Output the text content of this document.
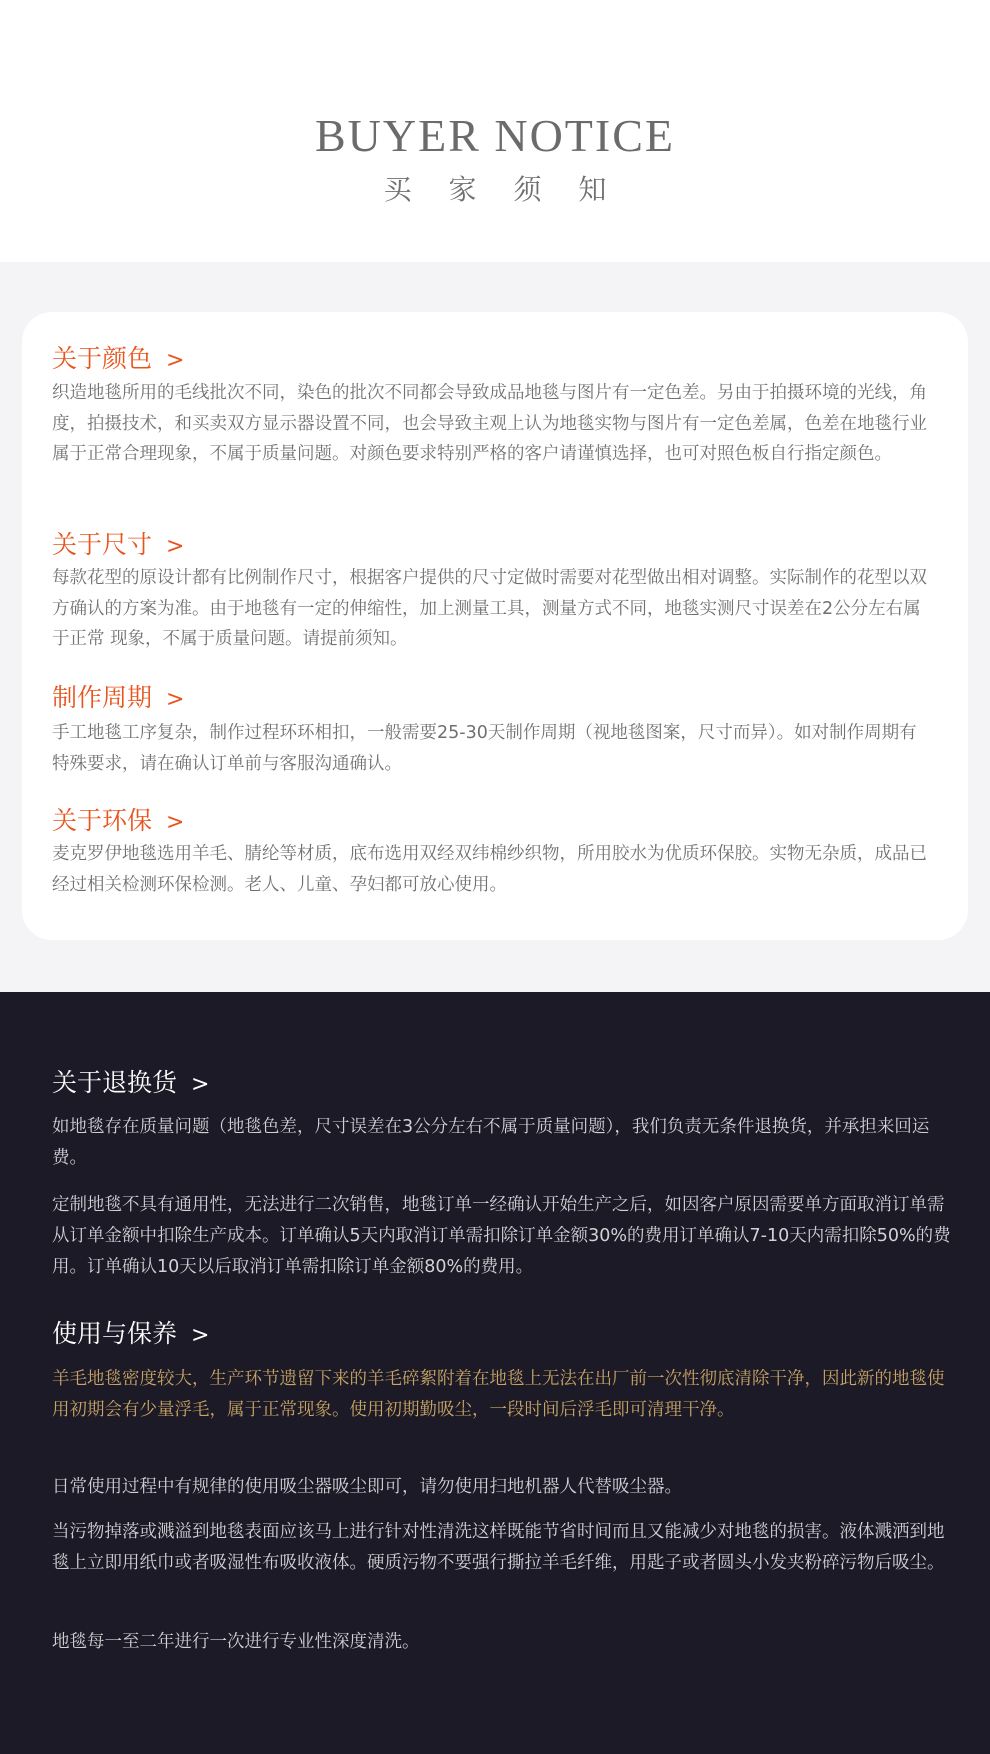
BUYER NOTICE
买 家 须 知
关于颜色 >
织造地毯所用的毛线批次不同，染色的批次不同都会导致成品地毯与图片有一定色差。另由于拍摄环境的光线，角度，拍摄技术，和买卖双方显示器设置不同，也会导致主观上认为地毯实物与图片有一定色差属，色差在地毯行业属于正常合理现象，不属于质量问题。对颜色要求特别严格的客户请谨慎选择，也可对照色板自行指定颜色。
关于尺寸 >
每款花型的原设计都有比例制作尺寸，根据客户提供的尺寸定做时需要对花型做出相对调整。实际制作的花型以双方确认的方案为准。由于地毯有一定的伸缩性，加上测量工具，测量方式不同，地毯实测尺寸误差在2公分左右属于正常 现象，不属于质量问题。请提前须知。
制作周期 >
手工地毯工序复杂，制作过程环环相扣，一般需要25-30天制作周期（视地毯图案，尺寸而异）。如对制作周期有特殊要求，请在确认订单前与客服沟通确认。
关于环保 >
麦克罗伊地毯选用羊毛、腈纶等材质，底布选用双经双纬棉纱织物，所用胶水为优质环保胶。实物无杂质，成品已经过相关检测环保检测。老人、儿童、孕妇都可放心使用。
关于退换货 >
如地毯存在质量问题（地毯色差，尺寸误差在3公分左右不属于质量问题），我们负责无条件退换货，并承担来回运费。
定制地毯不具有通用性，无法进行二次销售，地毯订单一经确认开始生产之后，如因客户原因需要单方面取消订单需从订单金额中扣除生产成本。订单确认5天内取消订单需扣除订单金额30%的费用订单确认7-10天内需扣除50%的费用。订单确认10天以后取消订单需扣除订单金额80%的费用。
使用与保养 >
羊毛地毯密度较大，生产环节遗留下来的羊毛碎絮附着在地毯上无法在出厂前一次性彻底清除干净，因此新的地毯使用初期会有少量浮毛，属于正常现象。使用初期勤吸尘，一段时间后浮毛即可清理干净。
日常使用过程中有规律的使用吸尘器吸尘即可，请勿使用扫地机器人代替吸尘器。
当污物掉落或溅溢到地毯表面应该马上进行针对性清洗这样既能节省时间而且又能减少对地毯的损害。液体溅洒到地毯上立即用纸巾或者吸湿性布吸收液体。硬质污物不要强行撕拉羊毛纤维，用匙子或者圆头小发夹粉碎污物后吸尘。
地毯每一至二年进行一次进行专业性深度清洗。
